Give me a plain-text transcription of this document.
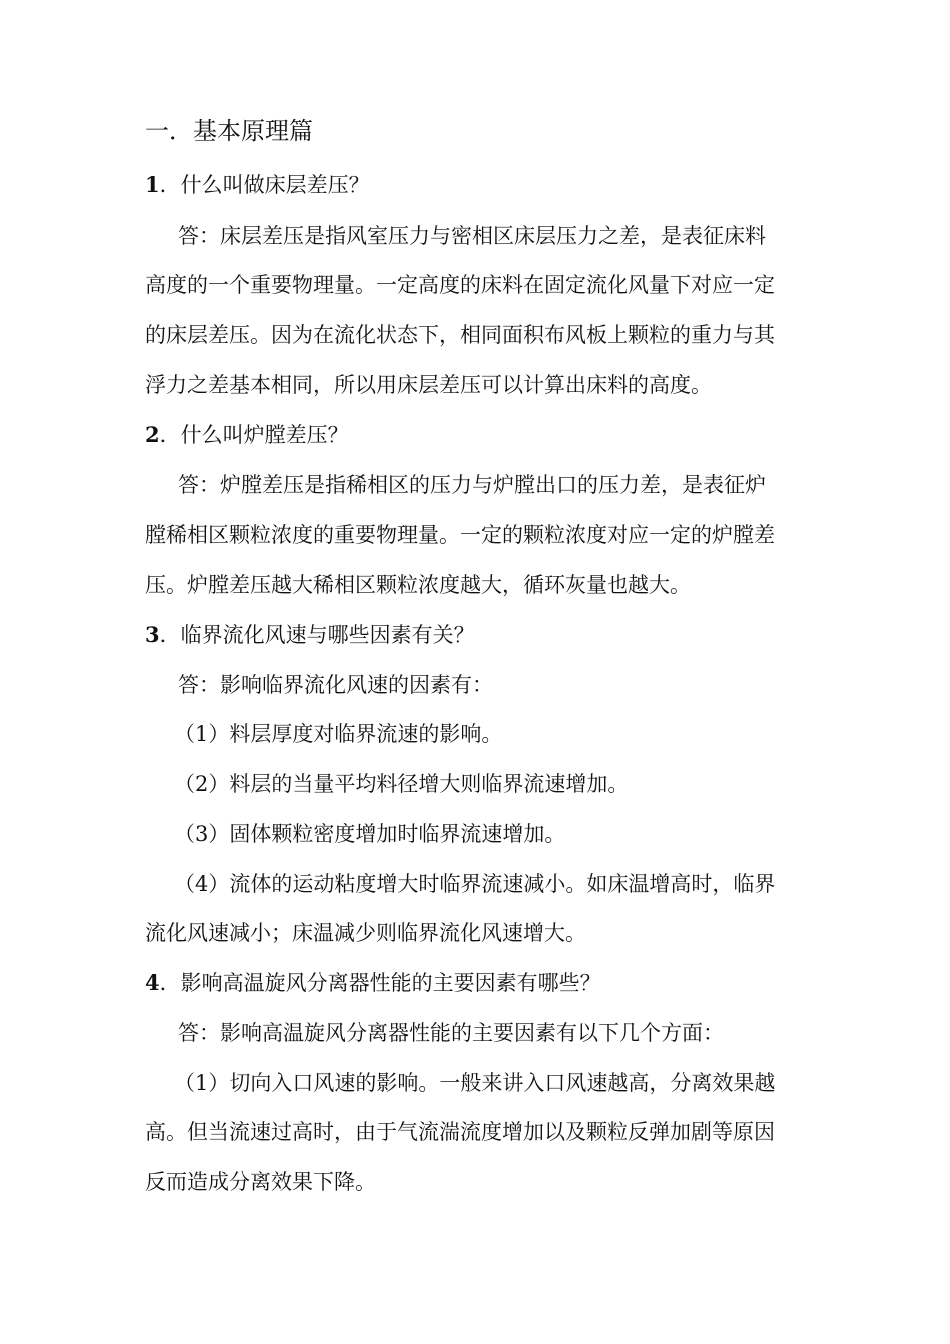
一．基本原理篇
1．什么叫做床层差压？
答：床层差压是指风室压力与密相区床层压力之差，是表征床料
高度的一个重要物理量。一定高度的床料在固定流化风量下对应一定
的床层差压。因为在流化状态下，相同面积布风板上颗粒的重力与其
浮力之差基本相同，所以用床层差压可以计算出床料的高度。
2．什么叫炉膛差压？
答：炉膛差压是指稀相区的压力与炉膛出口的压力差，是表征炉
膛稀相区颗粒浓度的重要物理量。一定的颗粒浓度对应一定的炉膛差
压。炉膛差压越大稀相区颗粒浓度越大，循环灰量也越大。
3．临界流化风速与哪些因素有关？
答：影响临界流化风速的因素有：
（1）料层厚度对临界流速的影响。
（2）料层的当量平均料径增大则临界流速增加。
（3）固体颗粒密度增加时临界流速增加。
（4）流体的运动粘度增大时临界流速减小。如床温增高时，临界
流化风速减小；床温减少则临界流化风速增大。
4．影响高温旋风分离器性能的主要因素有哪些？
答：影响高温旋风分离器性能的主要因素有以下几个方面：
（1）切向入口风速的影响。一般来讲入口风速越高，分离效果越
高。但当流速过高时，由于气流湍流度增加以及颗粒反弹加剧等原因
反而造成分离效果下降。
